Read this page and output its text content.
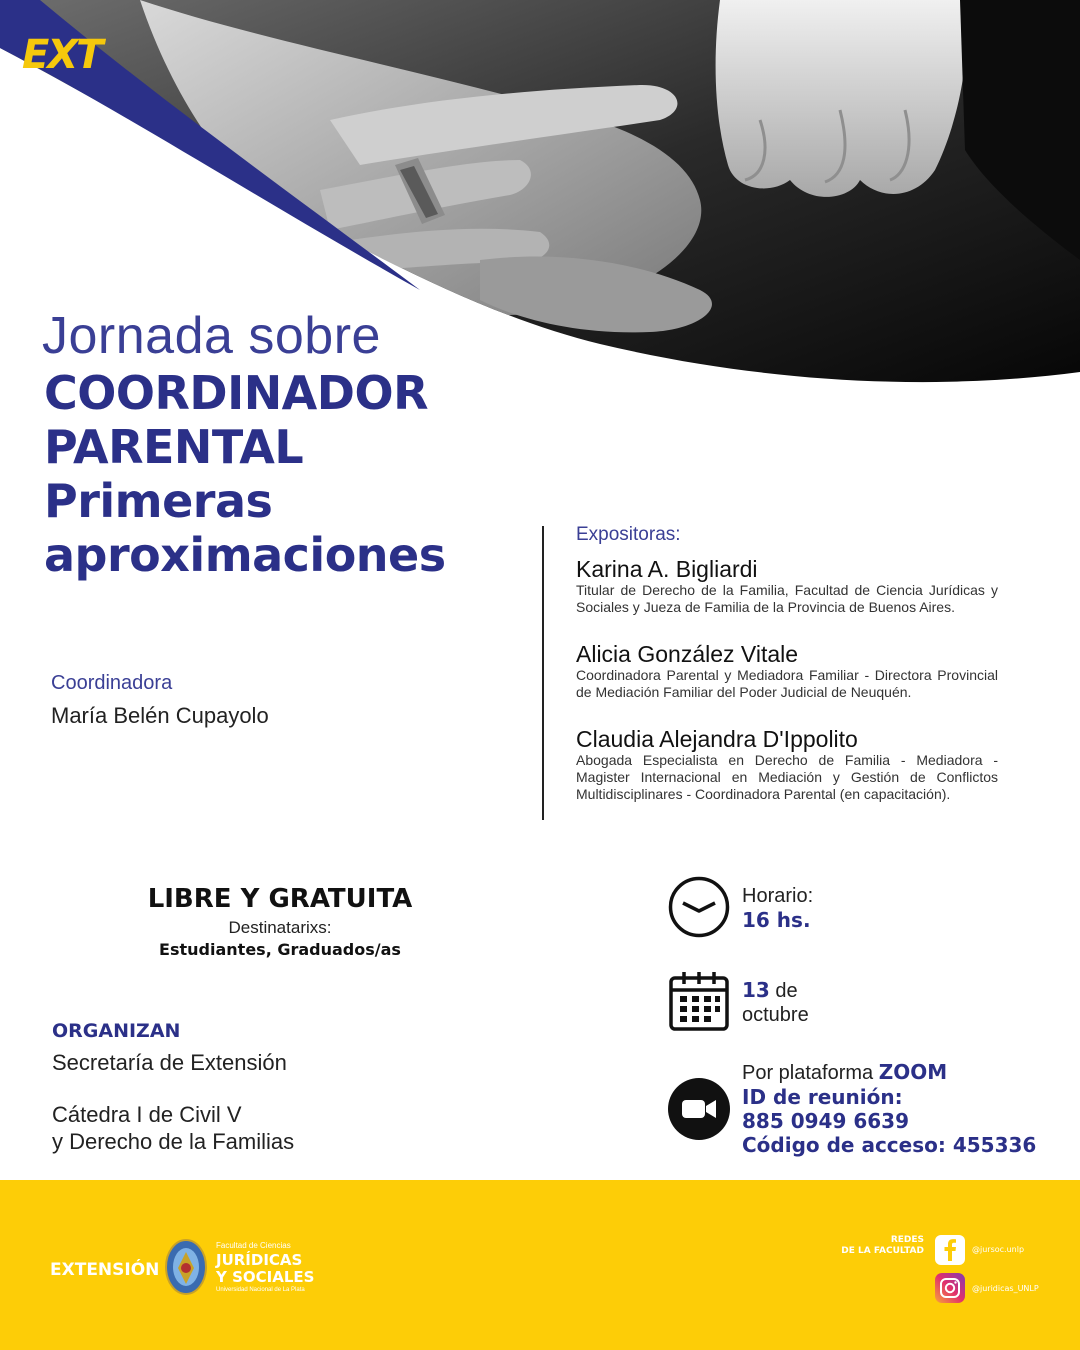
EXT
Jornada sobre
COORDINADOR
PARENTAL
Primeras
aproximaciones
Coordinadora
María Belén Cupayolo
Expositoras:
Karina A. Bigliardi
Titular de Derecho de la Familia, Facultad de Ciencia Jurídicas y Sociales y Jueza de Familia de la Provincia de Buenos Aires.
Alicia González Vitale
Coordinadora Parental y Mediadora Familiar - Directora Provincial de Mediación Familiar del Poder Judicial de Neuquén.
Claudia Alejandra D'Ippolito
Abogada Especialista en Derecho de Familia - Mediadora - Magister Internacional en Mediación y Gestión de Conflictos Multidisciplinares - Coordinadora Parental (en capacitación).
LIBRE Y GRATUITA
Destinatarixs:
Estudiantes, Graduados/as
ORGANIZAN
Secretaría de Extensión
Cátedra I de Civil V
y Derecho de la Familias
Horario:
16 hs.
13 de
octubre
Por plataforma ZOOM
ID de reunión:
885 0949 6639
Código de acceso: 455336
EXTENSIÓN
Facultad de Ciencias
JURÍDICAS
Y SOCIALES
Universidad Nacional de La Plata
REDES
DE LA FACULTAD	@jursoc.unlp
@juridicas_UNLP
